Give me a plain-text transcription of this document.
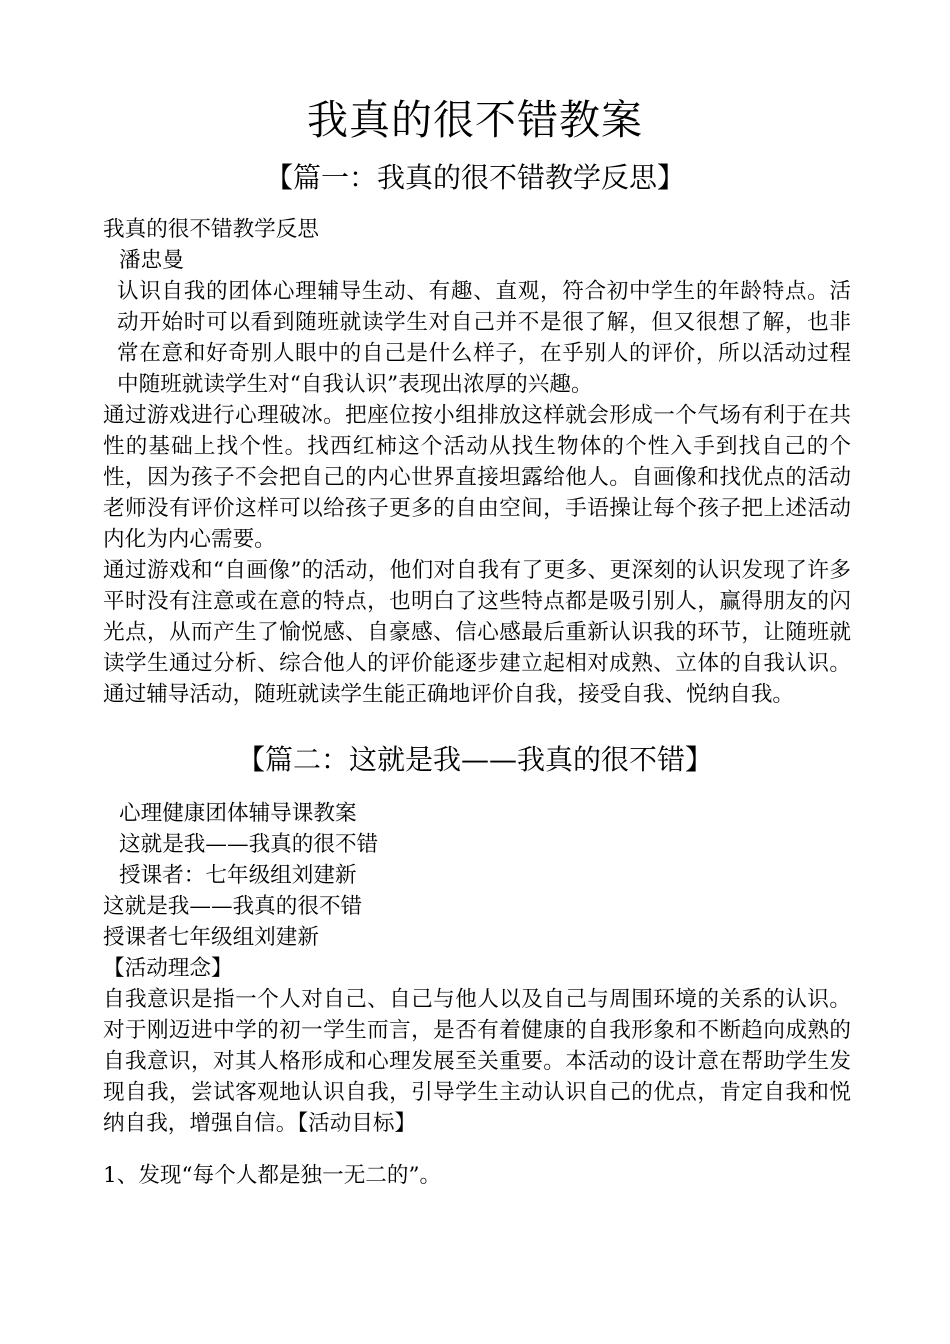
我真的很不错教案
【篇一：我真的很不错教学反思】
我真的很不错教学反思
潘忠曼

认识自我的团体心理辅导生动、有趣、直观，符合初中学生的年龄特点。活动开始时可以看到随班就读学生对自己并不是很了解，但又很想了解，也非常在意和好奇别人眼中的自己是什么样子，在乎别人的评价，所以活动过程中随班就读学生对“自我认识”表现出浓厚的兴趣。

通过游戏进行心理破冰。把座位按小组排放这样就会形成一个气场有利于在共性的基础上找个性。找西红柿这个活动从找生物体的个性入手到找自己的个性，因为孩子不会把自己的内心世界直接坦露给他人。自画像和找优点的活动老师没有评价这样可以给孩子更多的自由空间，手语操让每个孩子把上述活动内化为内心需要。

通过游戏和“自画像”的活动，他们对自我有了更多、更深刻的认识发现了许多平时没有注意或在意的特点，也明白了这些特点都是吸引别人，赢得朋友的闪光点，从而产生了愉悦感、自豪感、信心感最后重新认识我的环节，让随班就读学生通过分析、综合他人的评价能逐步建立起相对成熟、立体的自我认识。通过辅导活动，随班就读学生能正确地评价自我，接受自我、悦纳自我。

【篇二：这就是我——我真的很不错】
心理健康团体辅导课教案
这就是我——我真的很不错
授课者：七年级组刘建新
这就是我——我真的很不错
授课者七年级组刘建新
【活动理念】

自我意识是指一个人对自己、自己与他人以及自己与周围环境的关系的认识。对于刚迈进中学的初一学生而言，是否有着健康的自我形象和不断趋向成熟的自我意识，对其人格形成和心理发展至关重要。本活动的设计意在帮助学生发现自我，尝试客观地认识自我，引导学生主动认识自己的优点，肯定自我和悦纳自我，增强自信。【活动目标】

1、发现“每个人都是独一无二的”。
